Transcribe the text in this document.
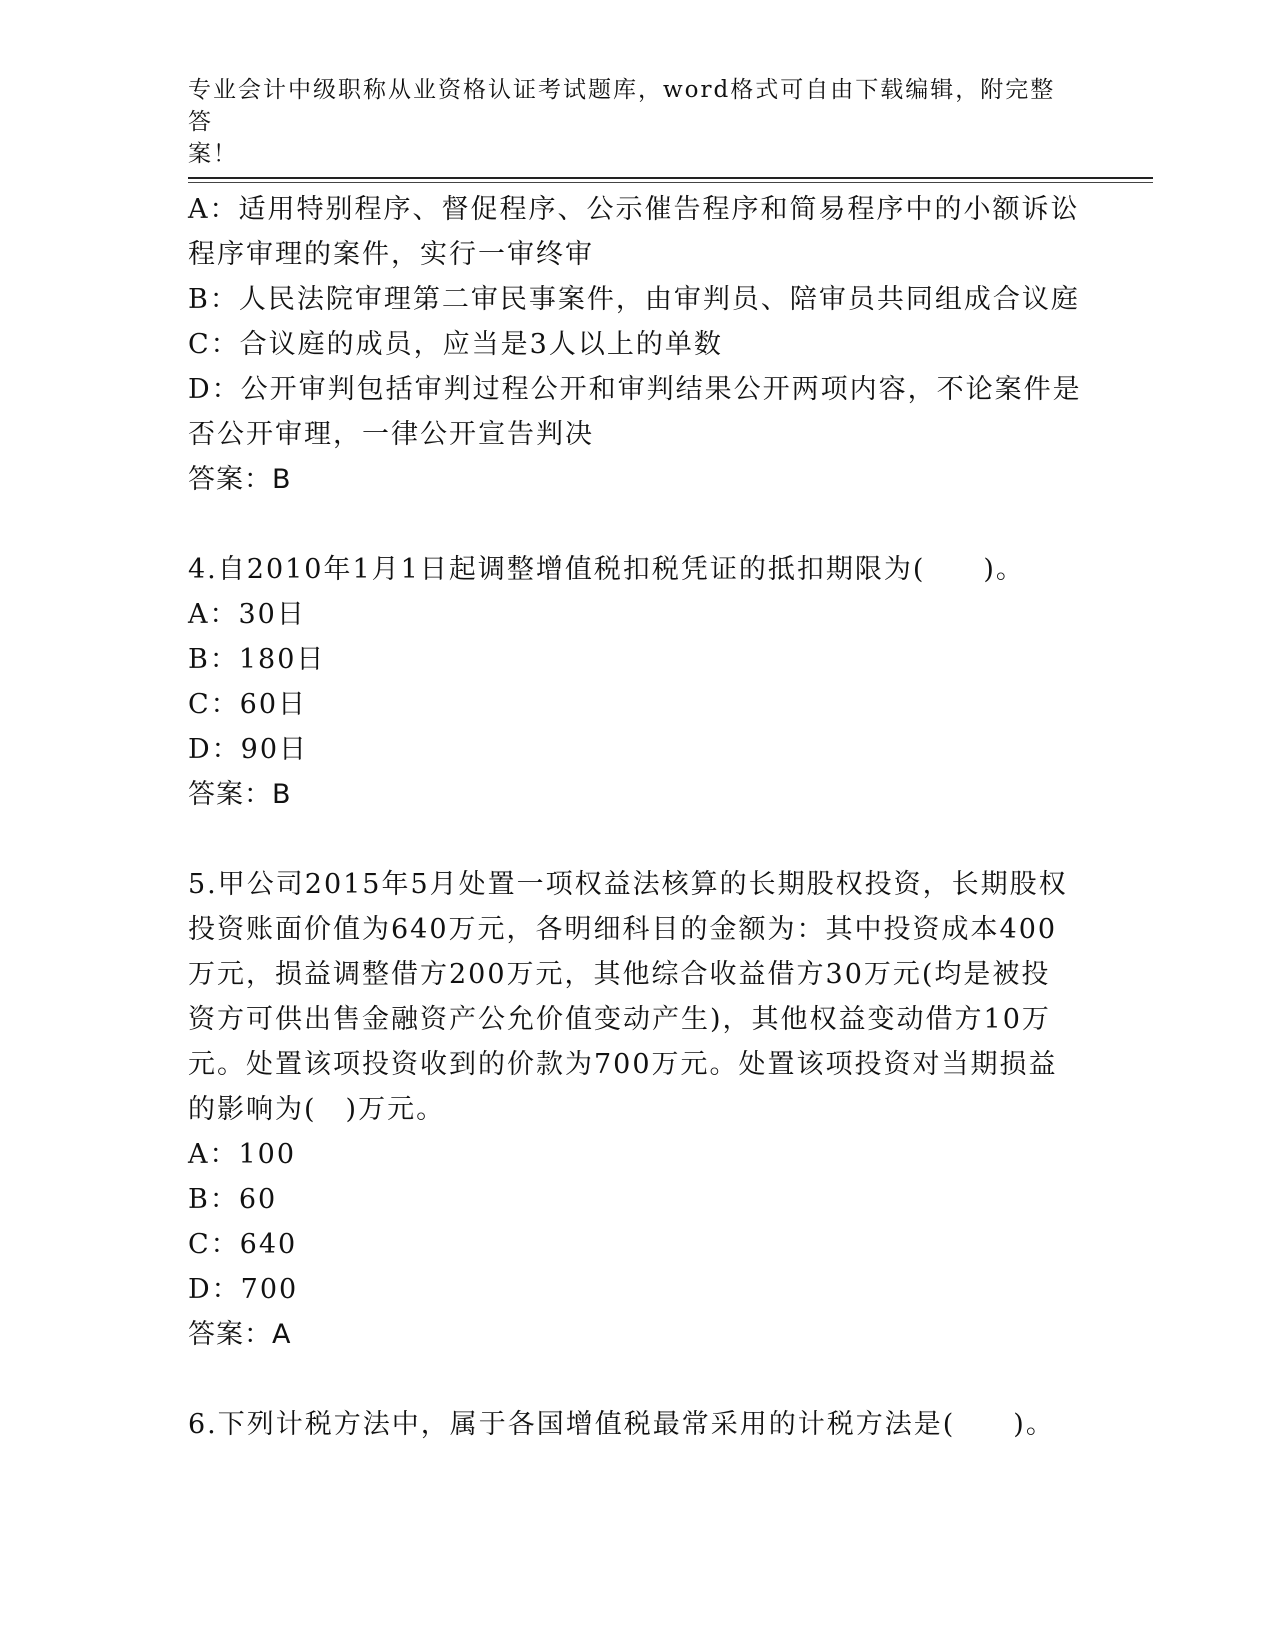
专业会计中级职称从业资格认证考试题库，word格式可自由下载编辑，附完整答
案！
A：适用特别程序、督促程序、公示催告程序和简易程序中的小额诉讼
程序审理的案件，实行一审终审
B：人民法院审理第二审民事案件，由审判员、陪审员共同组成合议庭
C：合议庭的成员，应当是3人以上的单数
D：公开审判包括审判过程公开和审判结果公开两项内容，不论案件是
否公开审理，一律公开宣告判决
答案：B
4.自2010年1月1日起调整增值税扣税凭证的抵扣期限为(　　)。
A：30日
B：180日
C：60日
D：90日
答案：B
5.甲公司2015年5月处置一项权益法核算的长期股权投资，长期股权
投资账面价值为640万元，各明细科目的金额为：其中投资成本400
万元，损益调整借方200万元，其他综合收益借方30万元(均是被投
资方可供出售金融资产公允价值变动产生)，其他权益变动借方10万
元。处置该项投资收到的价款为700万元。处置该项投资对当期损益
的影响为(　)万元。
A：100
B：60
C：640
D：700
答案：A
6.下列计税方法中，属于各国增值税最常采用的计税方法是(　　)。
